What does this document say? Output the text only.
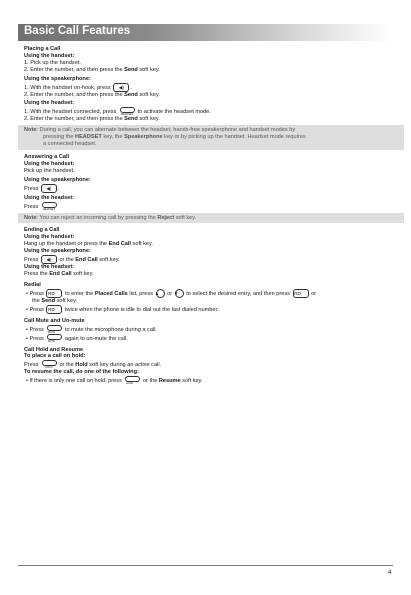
Basic Call Features
Placing a Call
Using the handset:
1. Pick up the handset.
2. Enter the number, and then press the Send soft key.
Using the speakerphone:
1. With the handset on-hook, press ◀) .
2. Enter the number, and then press the Send soft key.
Using the headset:
1. With the headset connected, press	HEADSET to activate the headset mode.
2. Enter the number, and then press the Send soft key.
Note: During a call, you can alternate between the headset, hands-free speakerphone and handset modes by
pressing the HEADSET key, the Speakerphone key or by picking up the handset. Headset mode requires
a connected headset.
Answering a Call
Using the handset:
Pick up the handset.
Using the speakerphone:
Press ◀) .
Using the headset:
Press	HEADSET
Note: You can reject an incoming call by pressing the Reject soft key.
Ending a Call
Using the handset:
Hang up the handset or press the End Call soft key.
Using the speakerphone:
Press ◀) or the End Call soft key.
Using the headset:
Press the End Call soft key.
Redial
• Press RD to enter the Placed Calls list, press ▲ or ▼ to select the desired entry, and then press RD or
the Send soft key.
• Press RD twice when the phone is idle to dial out the last dialed number.
Call Mute and Un-mute
• Press	MUTE	to mute the microphone during a call.
• Press	MUTE	again to un-mute the call.
Call Hold and Resume
To place a call on hold:
Press	HOLD	or the Hold soft key during an active call.
To resume the call, do one of the following:
• If there is only one call on hold, press	HOLD	or the Resume soft key.
4
